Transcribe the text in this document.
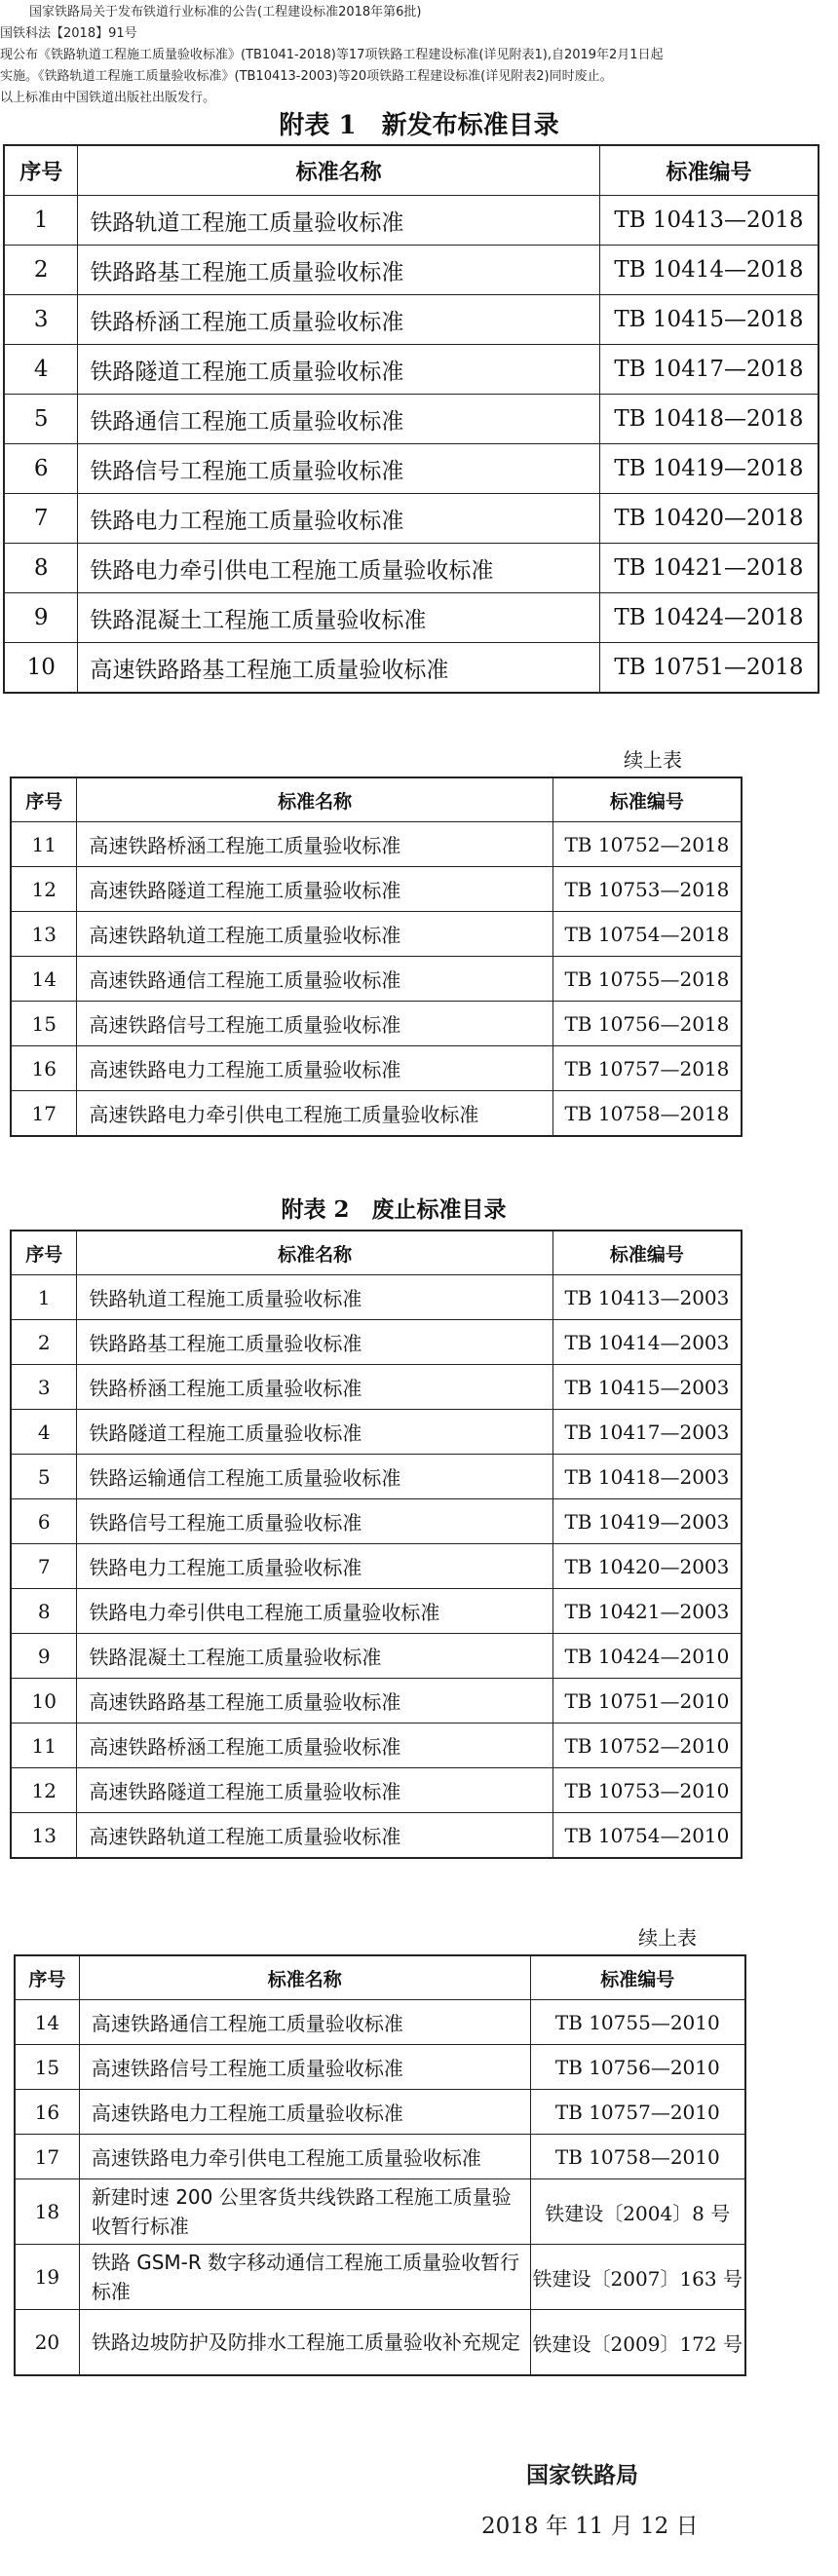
国家铁路局关于发布铁道行业标准的公告(工程建设标准2018年第6批)
国铁科法【2018】91号
现公布《铁路轨道工程施工质量验收标准》(TB1041-2018)等17项铁路工程建设标准(详见附表1),自2019年2月1日起
实施。《铁路轨道工程施工质量验收标准》(TB10413-2003)等20项铁路工程建设标准(详见附表2)同时废止。
以上标准由中国铁道出版社出版发行。
附表 1　新发布标准目录
序号	标准名称	标准编号
1	铁路轨道工程施工质量验收标准	TB 10413—2018
2	铁路路基工程施工质量验收标准	TB 10414—2018
3	铁路桥涵工程施工质量验收标准	TB 10415—2018
4	铁路隧道工程施工质量验收标准	TB 10417—2018
5	铁路通信工程施工质量验收标准	TB 10418—2018
6	铁路信号工程施工质量验收标准	TB 10419—2018
7	铁路电力工程施工质量验收标准	TB 10420—2018
8	铁路电力牵引供电工程施工质量验收标准	TB 10421—2018
9	铁路混凝土工程施工质量验收标准	TB 10424—2018
10	高速铁路路基工程施工质量验收标准	TB 10751—2018
续上表
序号	标准名称	标准编号
11	高速铁路桥涵工程施工质量验收标准	TB 10752—2018
12	高速铁路隧道工程施工质量验收标准	TB 10753—2018
13	高速铁路轨道工程施工质量验收标准	TB 10754—2018
14	高速铁路通信工程施工质量验收标准	TB 10755—2018
15	高速铁路信号工程施工质量验收标准	TB 10756—2018
16	高速铁路电力工程施工质量验收标准	TB 10757—2018
17	高速铁路电力牵引供电工程施工质量验收标准	TB 10758—2018
附表 2　废止标准目录
序号	标准名称	标准编号
1	铁路轨道工程施工质量验收标准	TB 10413—2003
2	铁路路基工程施工质量验收标准	TB 10414—2003
3	铁路桥涵工程施工质量验收标准	TB 10415—2003
4	铁路隧道工程施工质量验收标准	TB 10417—2003
5	铁路运输通信工程施工质量验收标准	TB 10418—2003
6	铁路信号工程施工质量验收标准	TB 10419—2003
7	铁路电力工程施工质量验收标准	TB 10420—2003
8	铁路电力牵引供电工程施工质量验收标准	TB 10421—2003
9	铁路混凝土工程施工质量验收标准	TB 10424—2010
10	高速铁路路基工程施工质量验收标准	TB 10751—2010
11	高速铁路桥涵工程施工质量验收标准	TB 10752—2010
12	高速铁路隧道工程施工质量验收标准	TB 10753—2010
13	高速铁路轨道工程施工质量验收标准	TB 10754—2010
续上表
序号	标准名称	标准编号
14	高速铁路通信工程施工质量验收标准	TB 10755—2010
15	高速铁路信号工程施工质量验收标准	TB 10756—2010
16	高速铁路电力工程施工质量验收标准	TB 10757—2010
17	高速铁路电力牵引供电工程施工质量验收标准	TB 10758—2010
18	新建时速 200 公里客货共线铁路工程施工质量验收暂行标准	铁建设〔2004〕8 号
19	铁路 GSM-R 数字移动通信工程施工质量验收暂行标准	铁建设〔2007〕163 号
20	铁路边坡防护及防排水工程施工质量验收补充规定	铁建设〔2009〕172 号
国家铁路局
2018 年 11 月 12 日
